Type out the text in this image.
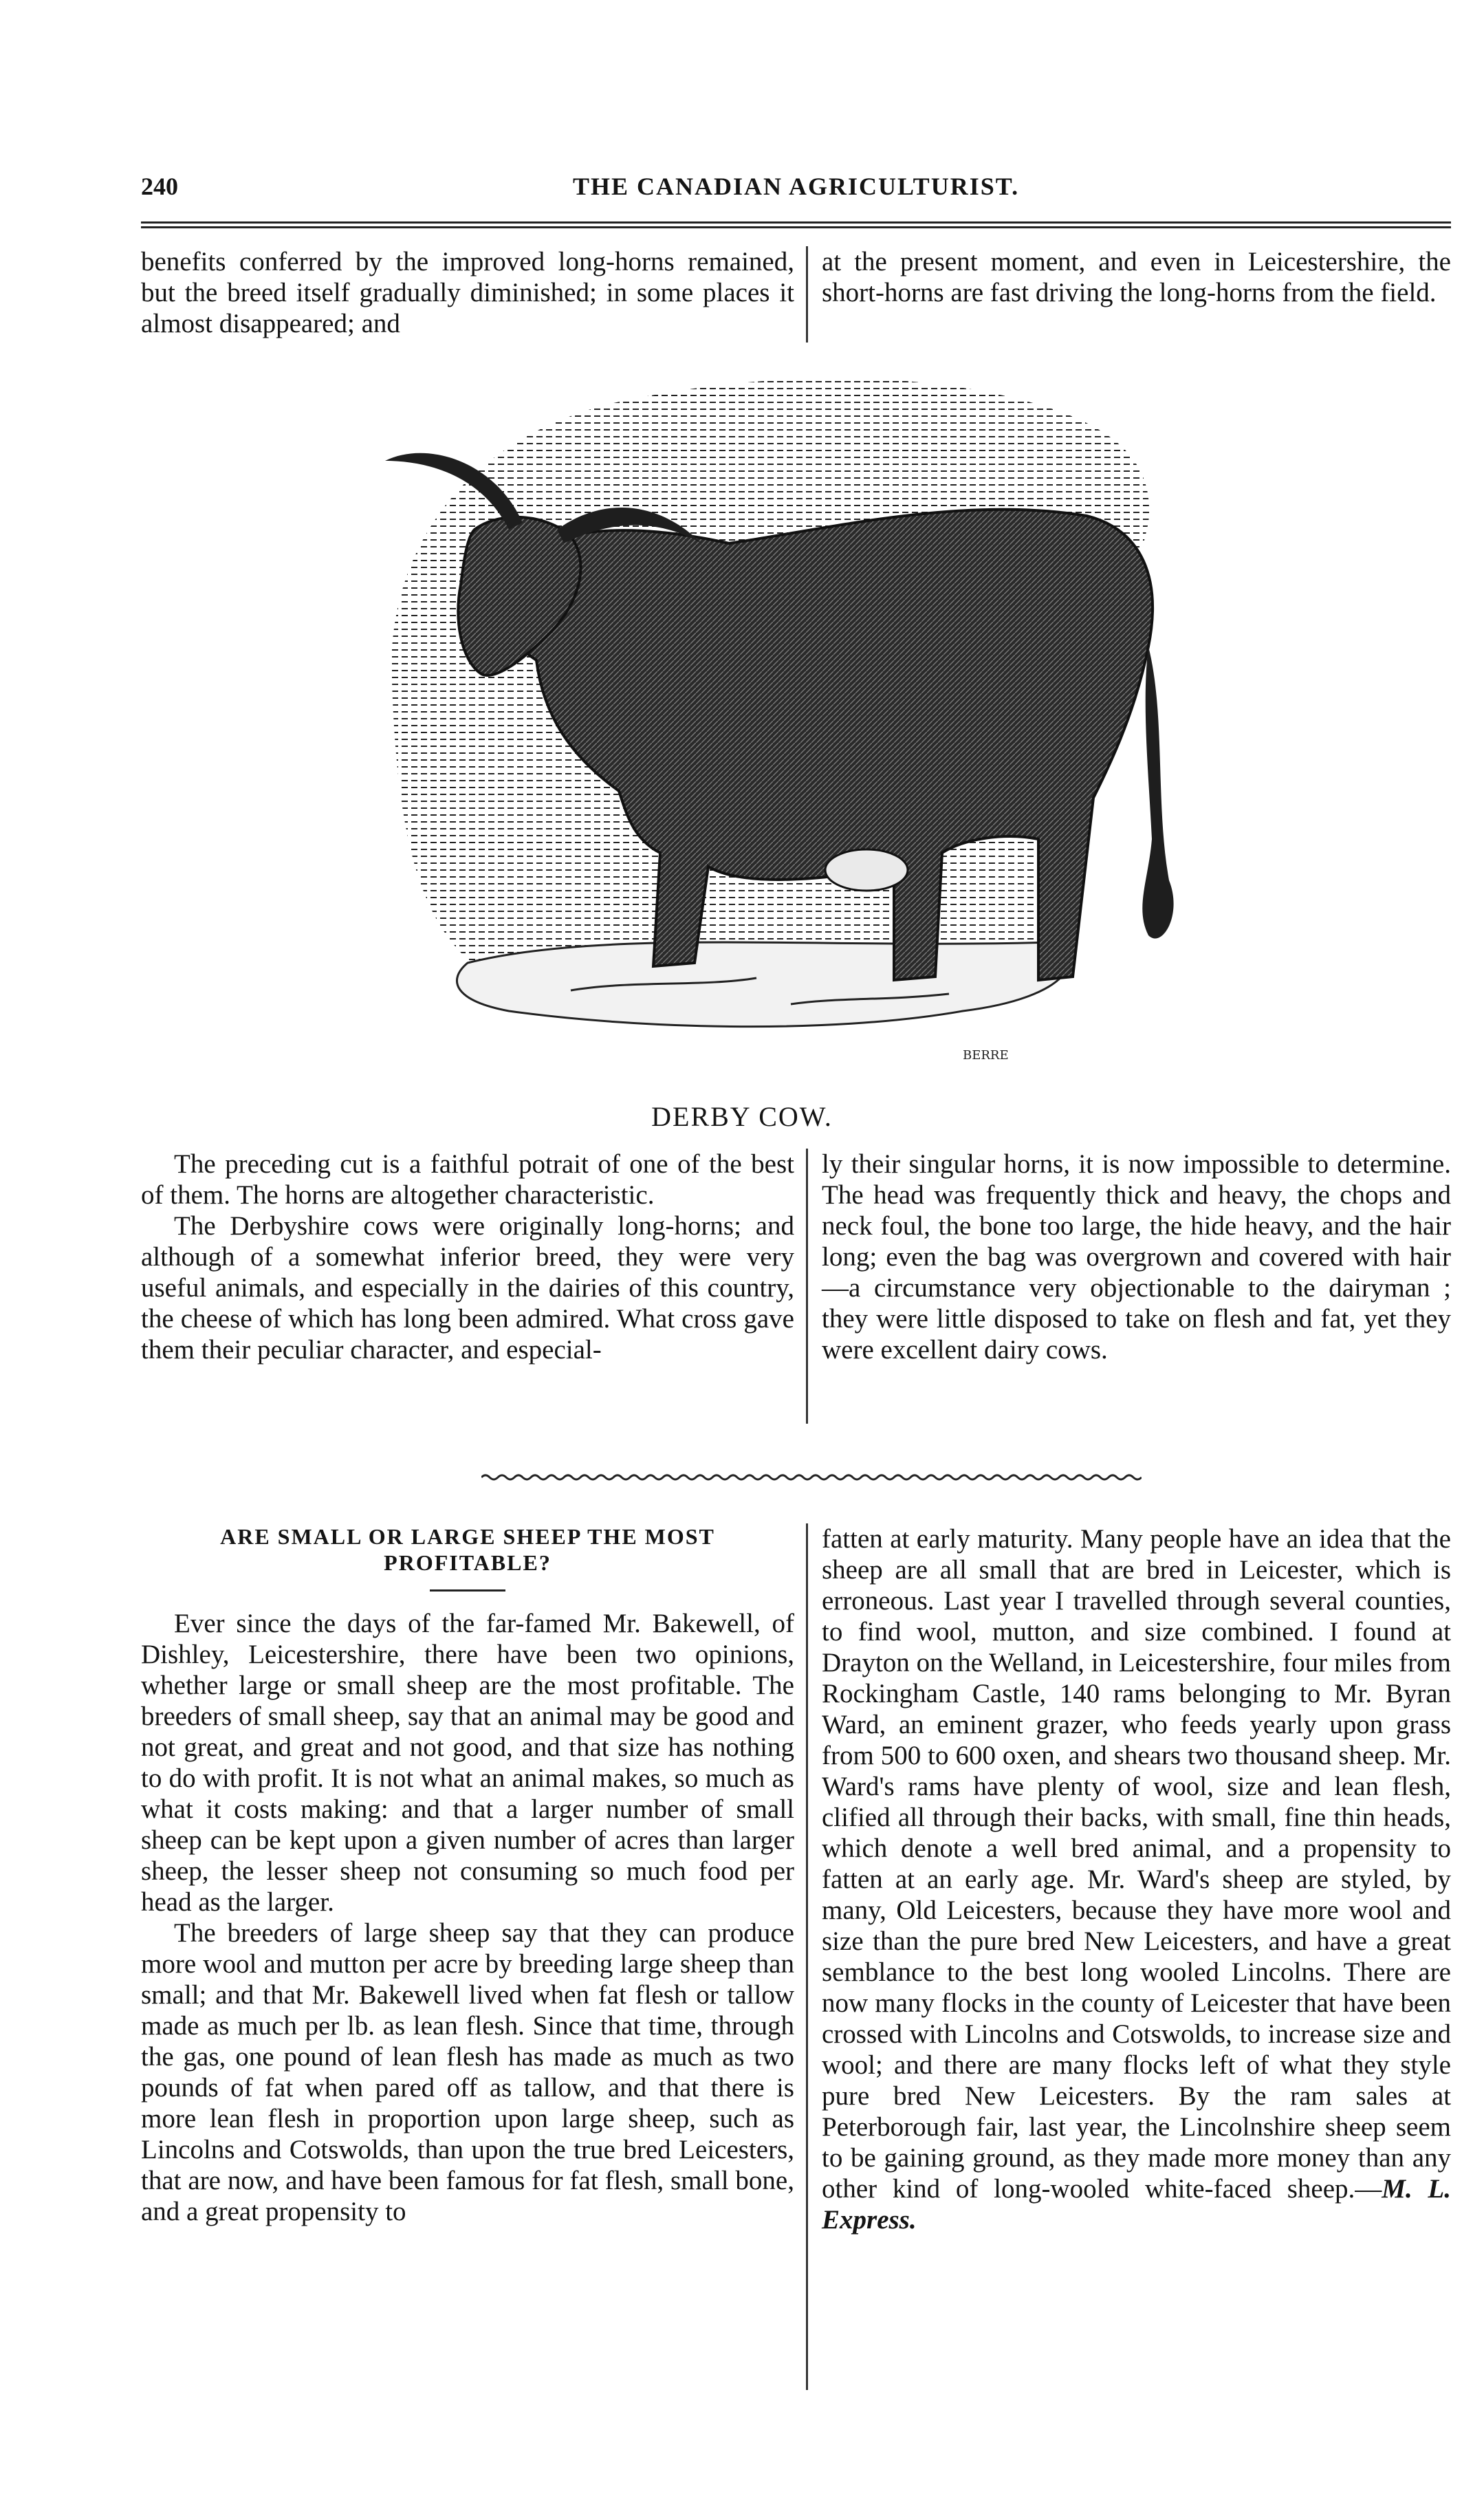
240	THE CANADIAN AGRICULTURIST.

benefits conferred by the improved long-horns remained, but the breed itself gradually diminished; in some places it almost disappeared; and

at the present moment, and even in Leicestershire, the short-horns are fast driving the long-horns from the field.

BERRE
DERBY COW.

The preceding cut is a faithful potrait of one of the best of them. The horns are altogether characteristic.

The Derbyshire cows were originally long-horns; and although of a somewhat inferior breed, they were very useful animals, and especially in the dairies of this country, the cheese of which has long been admired. What cross gave them their peculiar character, and especial-

ly their singular horns, it is now impossible to determine. The head was frequently thick and heavy, the chops and neck foul, the bone too large, the hide heavy, and the hair long; even the bag was overgrown and covered with hair—a circumstance very objectionable to the dairyman ; they were little disposed to take on flesh and fat, yet they were excellent dairy cows.

ARE SMALL OR LARGE SHEEP THE MOST PROFITABLE?

Ever since the days of the far-famed Mr. Bakewell, of Dishley, Leicestershire, there have been two opinions, whether large or small sheep are the most profitable. The breeders of small sheep, say that an animal may be good and not great, and great and not good, and that size has nothing to do with profit. It is not what an animal makes, so much as what it costs making: and that a larger number of small sheep can be kept upon a given number of acres than larger sheep, the lesser sheep not consuming so much food per head as the larger.

The breeders of large sheep say that they can produce more wool and mutton per acre by breeding large sheep than small; and that Mr. Bakewell lived when fat flesh or tallow made as much per lb. as lean flesh. Since that time, through the gas, one pound of lean flesh has made as much as two pounds of fat when pared off as tallow, and that there is more lean flesh in proportion upon large sheep, such as Lincolns and Cotswolds, than upon the true bred Leicesters, that are now, and have been famous for fat flesh, small bone, and a great propensity to

fatten at early maturity. Many people have an idea that the sheep are all small that are bred in Leicester, which is erroneous. Last year I travelled through several counties, to find wool, mutton, and size combined. I found at Drayton on the Welland, in Leicestershire, four miles from Rockingham Castle, 140 rams belonging to Mr. Byran Ward, an eminent grazer, who feeds yearly upon grass from 500 to 600 oxen, and shears two thousand sheep. Mr. Ward's rams have plenty of wool, size and lean flesh, clified all through their backs, with small, fine thin heads, which denote a well bred animal, and a propensity to fatten at an early age. Mr. Ward's sheep are styled, by many, Old Leicesters, because they have more wool and size than the pure bred New Leicesters, and have a great semblance to the best long wooled Lincolns. There are now many flocks in the county of Leicester that have been crossed with Lincolns and Cotswolds, to increase size and wool; and there are many flocks left of what they style pure bred New Leicesters. By the ram sales at Peterborough fair, last year, the Lincolnshire sheep seem to be gaining ground, as they made more money than any other kind of long-wooled white-faced sheep.—M. L. Express.
